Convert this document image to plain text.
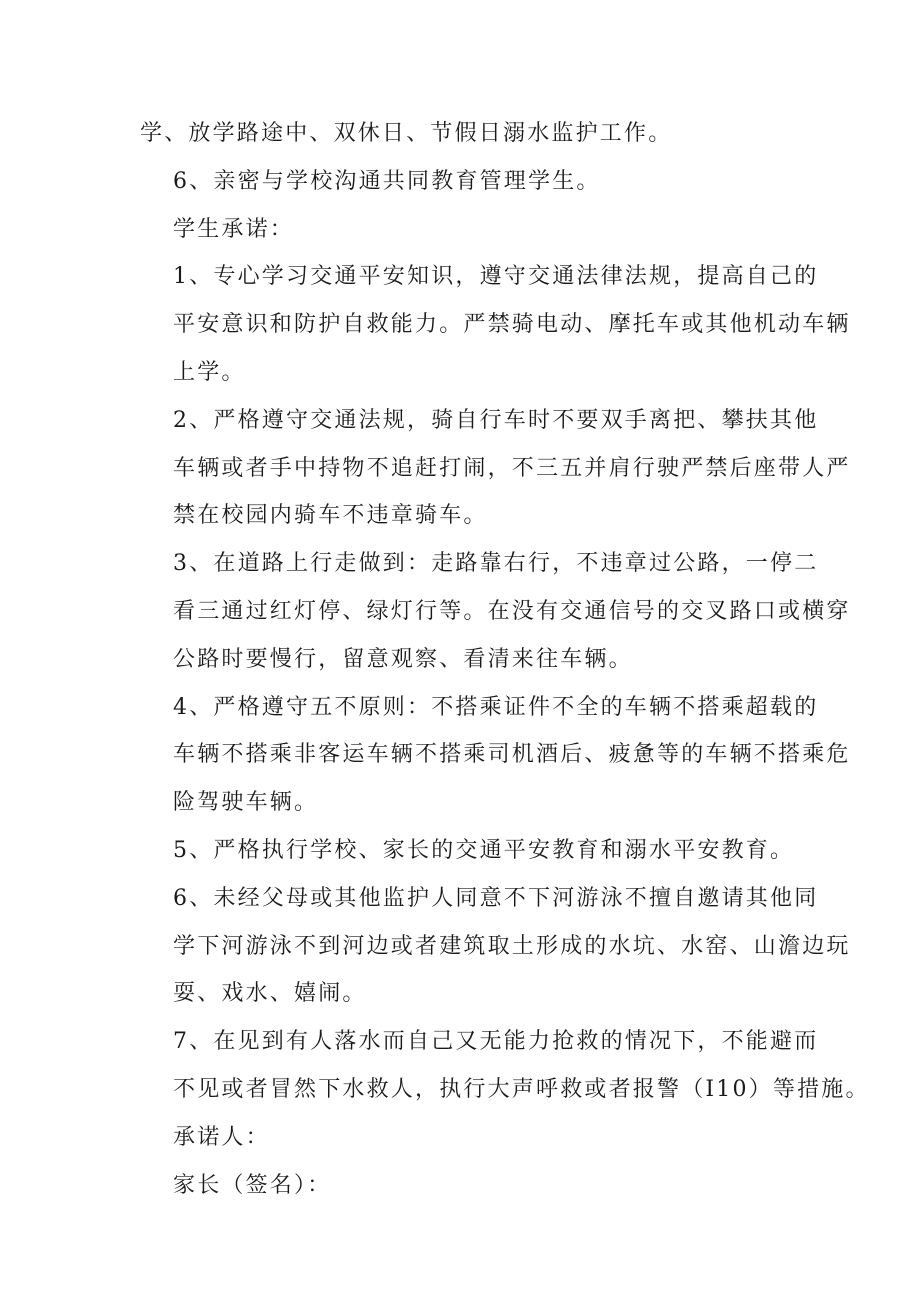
学、放学路途中、双休日、节假日溺水监护工作。

6、亲密与学校沟通共同教育管理学生。

学生承诺：

1、专心学习交通平安知识，遵守交通法律法规，提高自己的
平安意识和防护自救能力。严禁骑电动、摩托车或其他机动车辆
上学。

2、严格遵守交通法规，骑自行车时不要双手离把、攀扶其他
车辆或者手中持物不追赶打闹，不三五并肩行驶严禁后座带人严
禁在校园内骑车不违章骑车。

3、在道路上行走做到：走路靠右行，不违章过公路，一停二
看三通过红灯停、绿灯行等。在没有交通信号的交叉路口或横穿
公路时要慢行，留意观察、看清来往车辆。

4、严格遵守五不原则：不搭乘证件不全的车辆不搭乘超载的
车辆不搭乘非客运车辆不搭乘司机酒后、疲惫等的车辆不搭乘危
险驾驶车辆。

5、严格执行学校、家长的交通平安教育和溺水平安教育。

6、未经父母或其他监护人同意不下河游泳不擅自邀请其他同
学下河游泳不到河边或者建筑取土形成的水坑、水窑、山澹边玩
耍、戏水、嬉闹。

7、在见到有人落水而自己又无能力抢救的情况下，不能避而
不见或者冒然下水救人，执行大声呼救或者报警（I10）等措施。

承诺人：

家长（签名）：
